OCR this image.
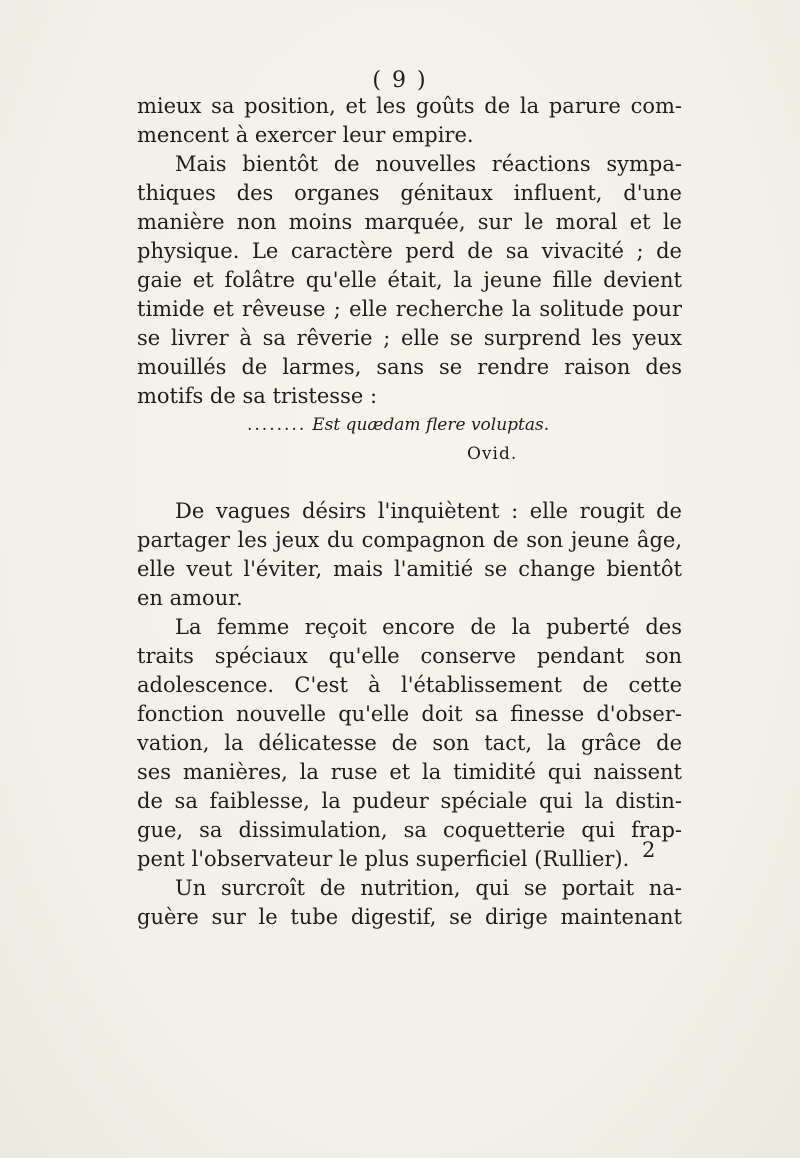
( 9 )
mieux sa position, et les goûts de la parure com-
mencent à exercer leur empire.
Mais bientôt de nouvelles réactions sympa-
thiques des organes génitaux influent, d'une
manière non moins marquée, sur le moral et le
physique. Le caractère perd de sa vivacité ; de
gaie et folâtre qu'elle était, la jeune fille devient
timide et rêveuse ; elle recherche la solitude pour
se livrer à sa rêverie ; elle se surprend les yeux
mouillés de larmes, sans se rendre raison des
motifs de sa tristesse :
........ Est quædam flere voluptas.
Ovid.
De vagues désirs l'inquiètent : elle rougit de
partager les jeux du compagnon de son jeune âge,
elle veut l'éviter, mais l'amitié se change bientôt
en amour.
La femme reçoit encore de la puberté des
traits spéciaux qu'elle conserve pendant son
adolescence. C'est à l'établissement de cette
fonction nouvelle qu'elle doit sa finesse d'obser-
vation, la délicatesse de son tact, la grâce de
ses manières, la ruse et la timidité qui naissent
de sa faiblesse, la pudeur spéciale qui la distin-
gue, sa dissimulation, sa coquetterie qui frap-
pent l'observateur le plus superficiel (Rullier).
Un surcroît de nutrition, qui se portait na-
guère sur le tube digestif, se dirige maintenant
2
